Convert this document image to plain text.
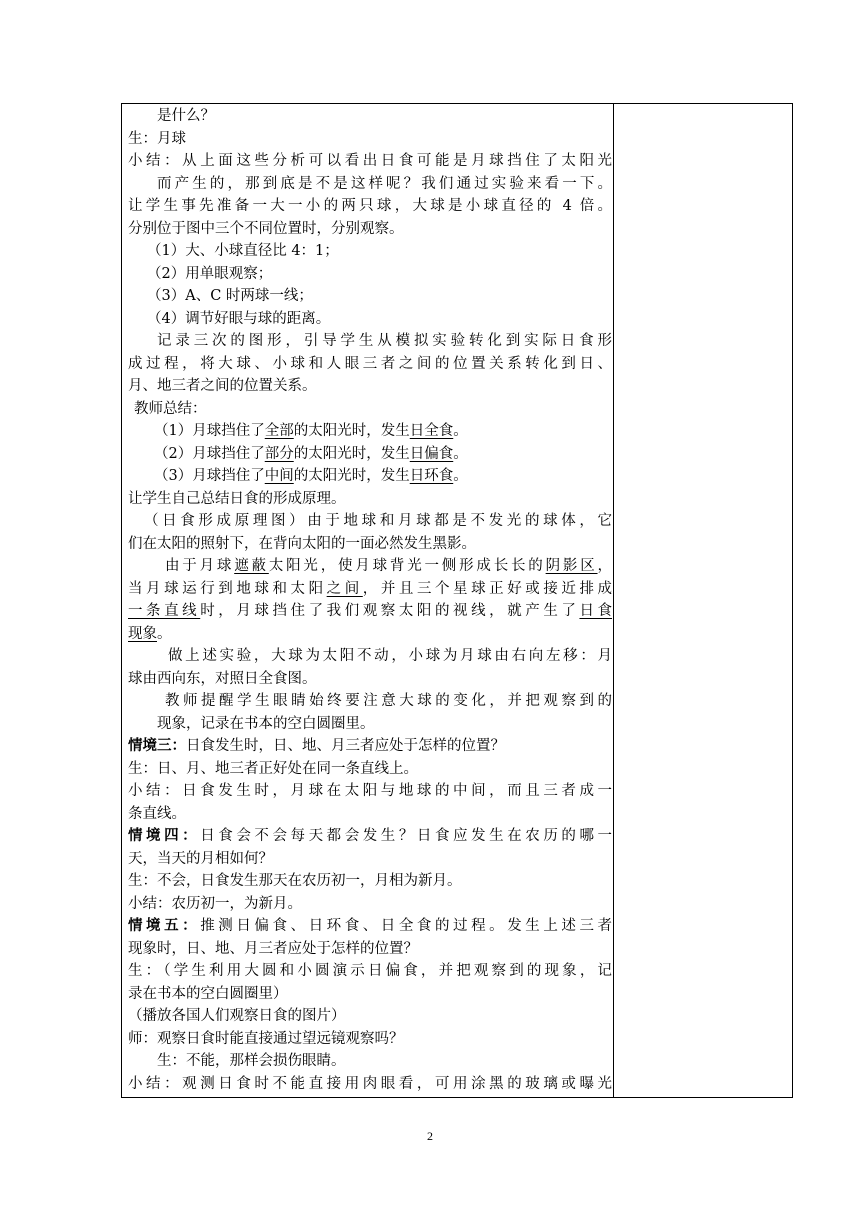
是什么？
生：月球
小结：从上面这些分析可以看出日食可能是月球挡住了太阳光
而产生的，那到底是不是这样呢？我们通过实验来看一下。
让学生事先准备一大一小的两只球，大球是小球直径的 4 倍。
分别位于图中三个不同位置时，分别观察。
（1）大、小球直径比 4：1；
（2）用单眼观察；
（3）A、C 时两球一线；
（4）调节好眼与球的距离。
记录三次的图形，引导学生从模拟实验转化到实际日食形
成过程，将大球、小球和人眼三者之间的位置关系转化到日、
月、地三者之间的位置关系。
教师总结：
（1）月球挡住了全部的太阳光时，发生日全食。
（2）月球挡住了部分的太阳光时，发生日偏食。
（3）月球挡住了中间的太阳光时，发生日环食。
让学生自己总结日食的形成原理。
（日食形成原理图）由于地球和月球都是不发光的球体，它
们在太阳的照射下，在背向太阳的一面必然发生黑影。
由于月球遮蔽太阳光，使月球背光一侧形成长长的阴影区，
当月球运行到地球和太阳之间，并且三个星球正好或接近排成
一条直线时，月球挡住了我们观察太阳的视线，就产生了日食
现象。
做上述实验，大球为太阳不动，小球为月球由右向左移：月
球由西向东，对照日全食图。
教师提醒学生眼睛始终要注意大球的变化，并把观察到的
现象，记录在书本的空白圆圈里。
情境三：日食发生时，日、地、月三者应处于怎样的位置？
生：日、月、地三者正好处在同一条直线上。
小结：日食发生时，月球在太阳与地球的中间，而且三者成一
条直线。
情境四：日食会不会每天都会发生？日食应发生在农历的哪一
天，当天的月相如何？
生：不会，日食发生那天在农历初一，月相为新月。
小结：农历初一，为新月。
情境五：推测日偏食、日环食、日全食的过程。发生上述三者
现象时，日、地、月三者应处于怎样的位置？
生：（学生利用大圆和小圆演示日偏食，并把观察到的现象，记
录在书本的空白圆圈里）
（播放各国人们观察日食的图片）
师：观察日食时能直接通过望远镜观察吗？
生：不能，那样会损伤眼睛。
小结：观测日食时不能直接用肉眼看，可用涂黑的玻璃或曝光
2
